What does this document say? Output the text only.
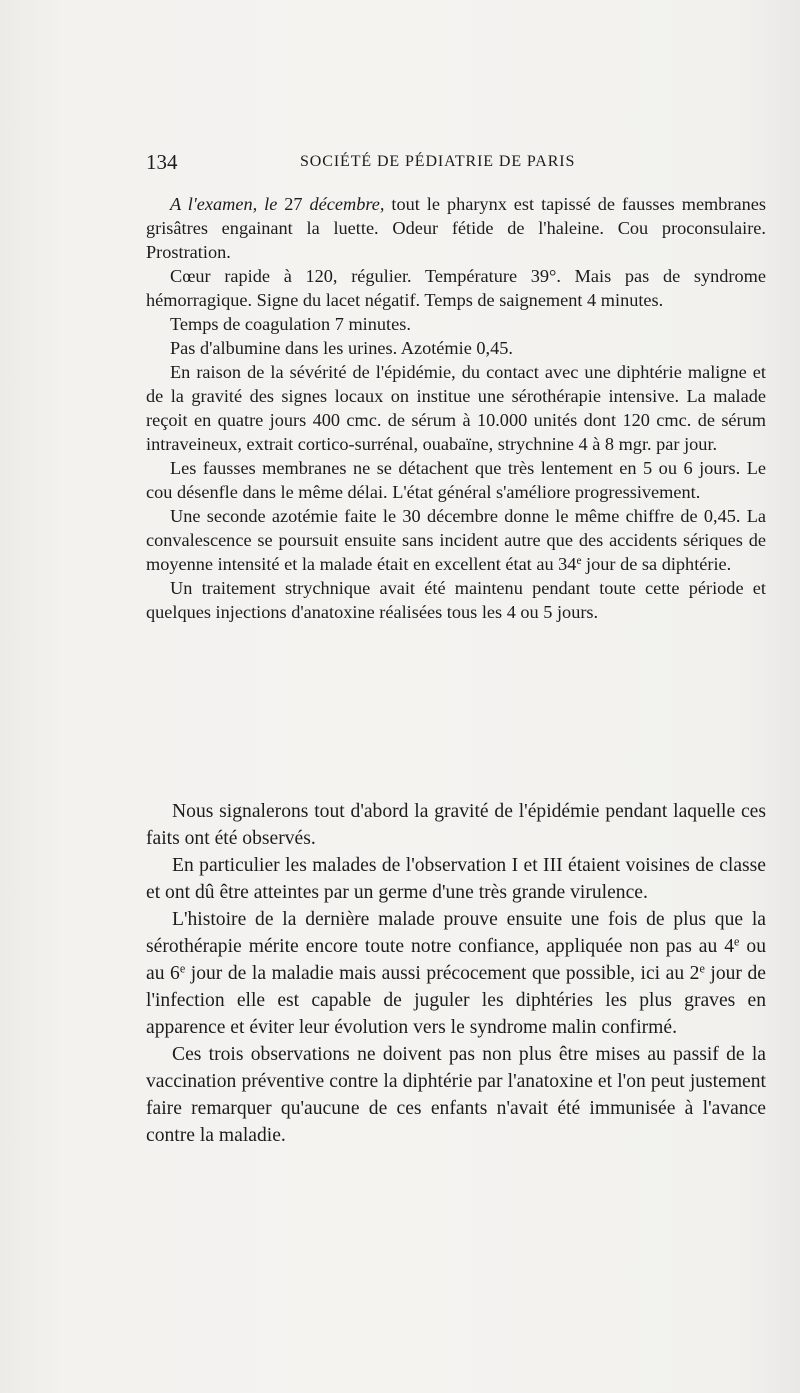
134	SOCIÉTÉ DE PÉDIATRIE DE PARIS

A l'examen, le 27 décembre, tout le pharynx est tapissé de fausses membranes grisâtres engainant la luette. Odeur fétide de l'haleine. Cou proconsulaire. Prostration.

Cœur rapide à 120, régulier. Température 39°. Mais pas de syndrome hémorragique. Signe du lacet négatif. Temps de saignement 4 minutes.

Temps de coagulation 7 minutes.

Pas d'albumine dans les urines. Azotémie 0,45.

En raison de la sévérité de l'épidémie, du contact avec une diphtérie maligne et de la gravité des signes locaux on institue une sérothérapie intensive. La malade reçoit en quatre jours 400 cmc. de sérum à 10.000 unités dont 120 cmc. de sérum intraveineux, extrait cortico-surrénal, ouabaïne, strychnine 4 à 8 mgr. par jour.

Les fausses membranes ne se détachent que très lentement en 5 ou 6 jours. Le cou désenfle dans le même délai. L'état général s'améliore progressivement.

Une seconde azotémie faite le 30 décembre donne le même chiffre de 0,45. La convalescence se poursuit ensuite sans incident autre que des accidents sériques de moyenne intensité et la malade était en excellent état au 34e jour de sa diphtérie.

Un traitement strychnique avait été maintenu pendant toute cette période et quelques injections d'anatoxine réalisées tous les 4 ou 5 jours.

Nous signalerons tout d'abord la gravité de l'épidémie pendant laquelle ces faits ont été observés.

En particulier les malades de l'observation I et III étaient voisines de classe et ont dû être atteintes par un germe d'une très grande virulence.

L'histoire de la dernière malade prouve ensuite une fois de plus que la sérothérapie mérite encore toute notre confiance, appliquée non pas au 4e ou au 6e jour de la maladie mais aussi précocement que possible, ici au 2e jour de l'infection elle est capable de juguler les diphtéries les plus graves en apparence et éviter leur évolution vers le syndrome malin confirmé.

Ces trois observations ne doivent pas non plus être mises au passif de la vaccination préventive contre la diphtérie par l'anatoxine et l'on peut justement faire remarquer qu'aucune de ces enfants n'avait été immunisée à l'avance contre la maladie.
